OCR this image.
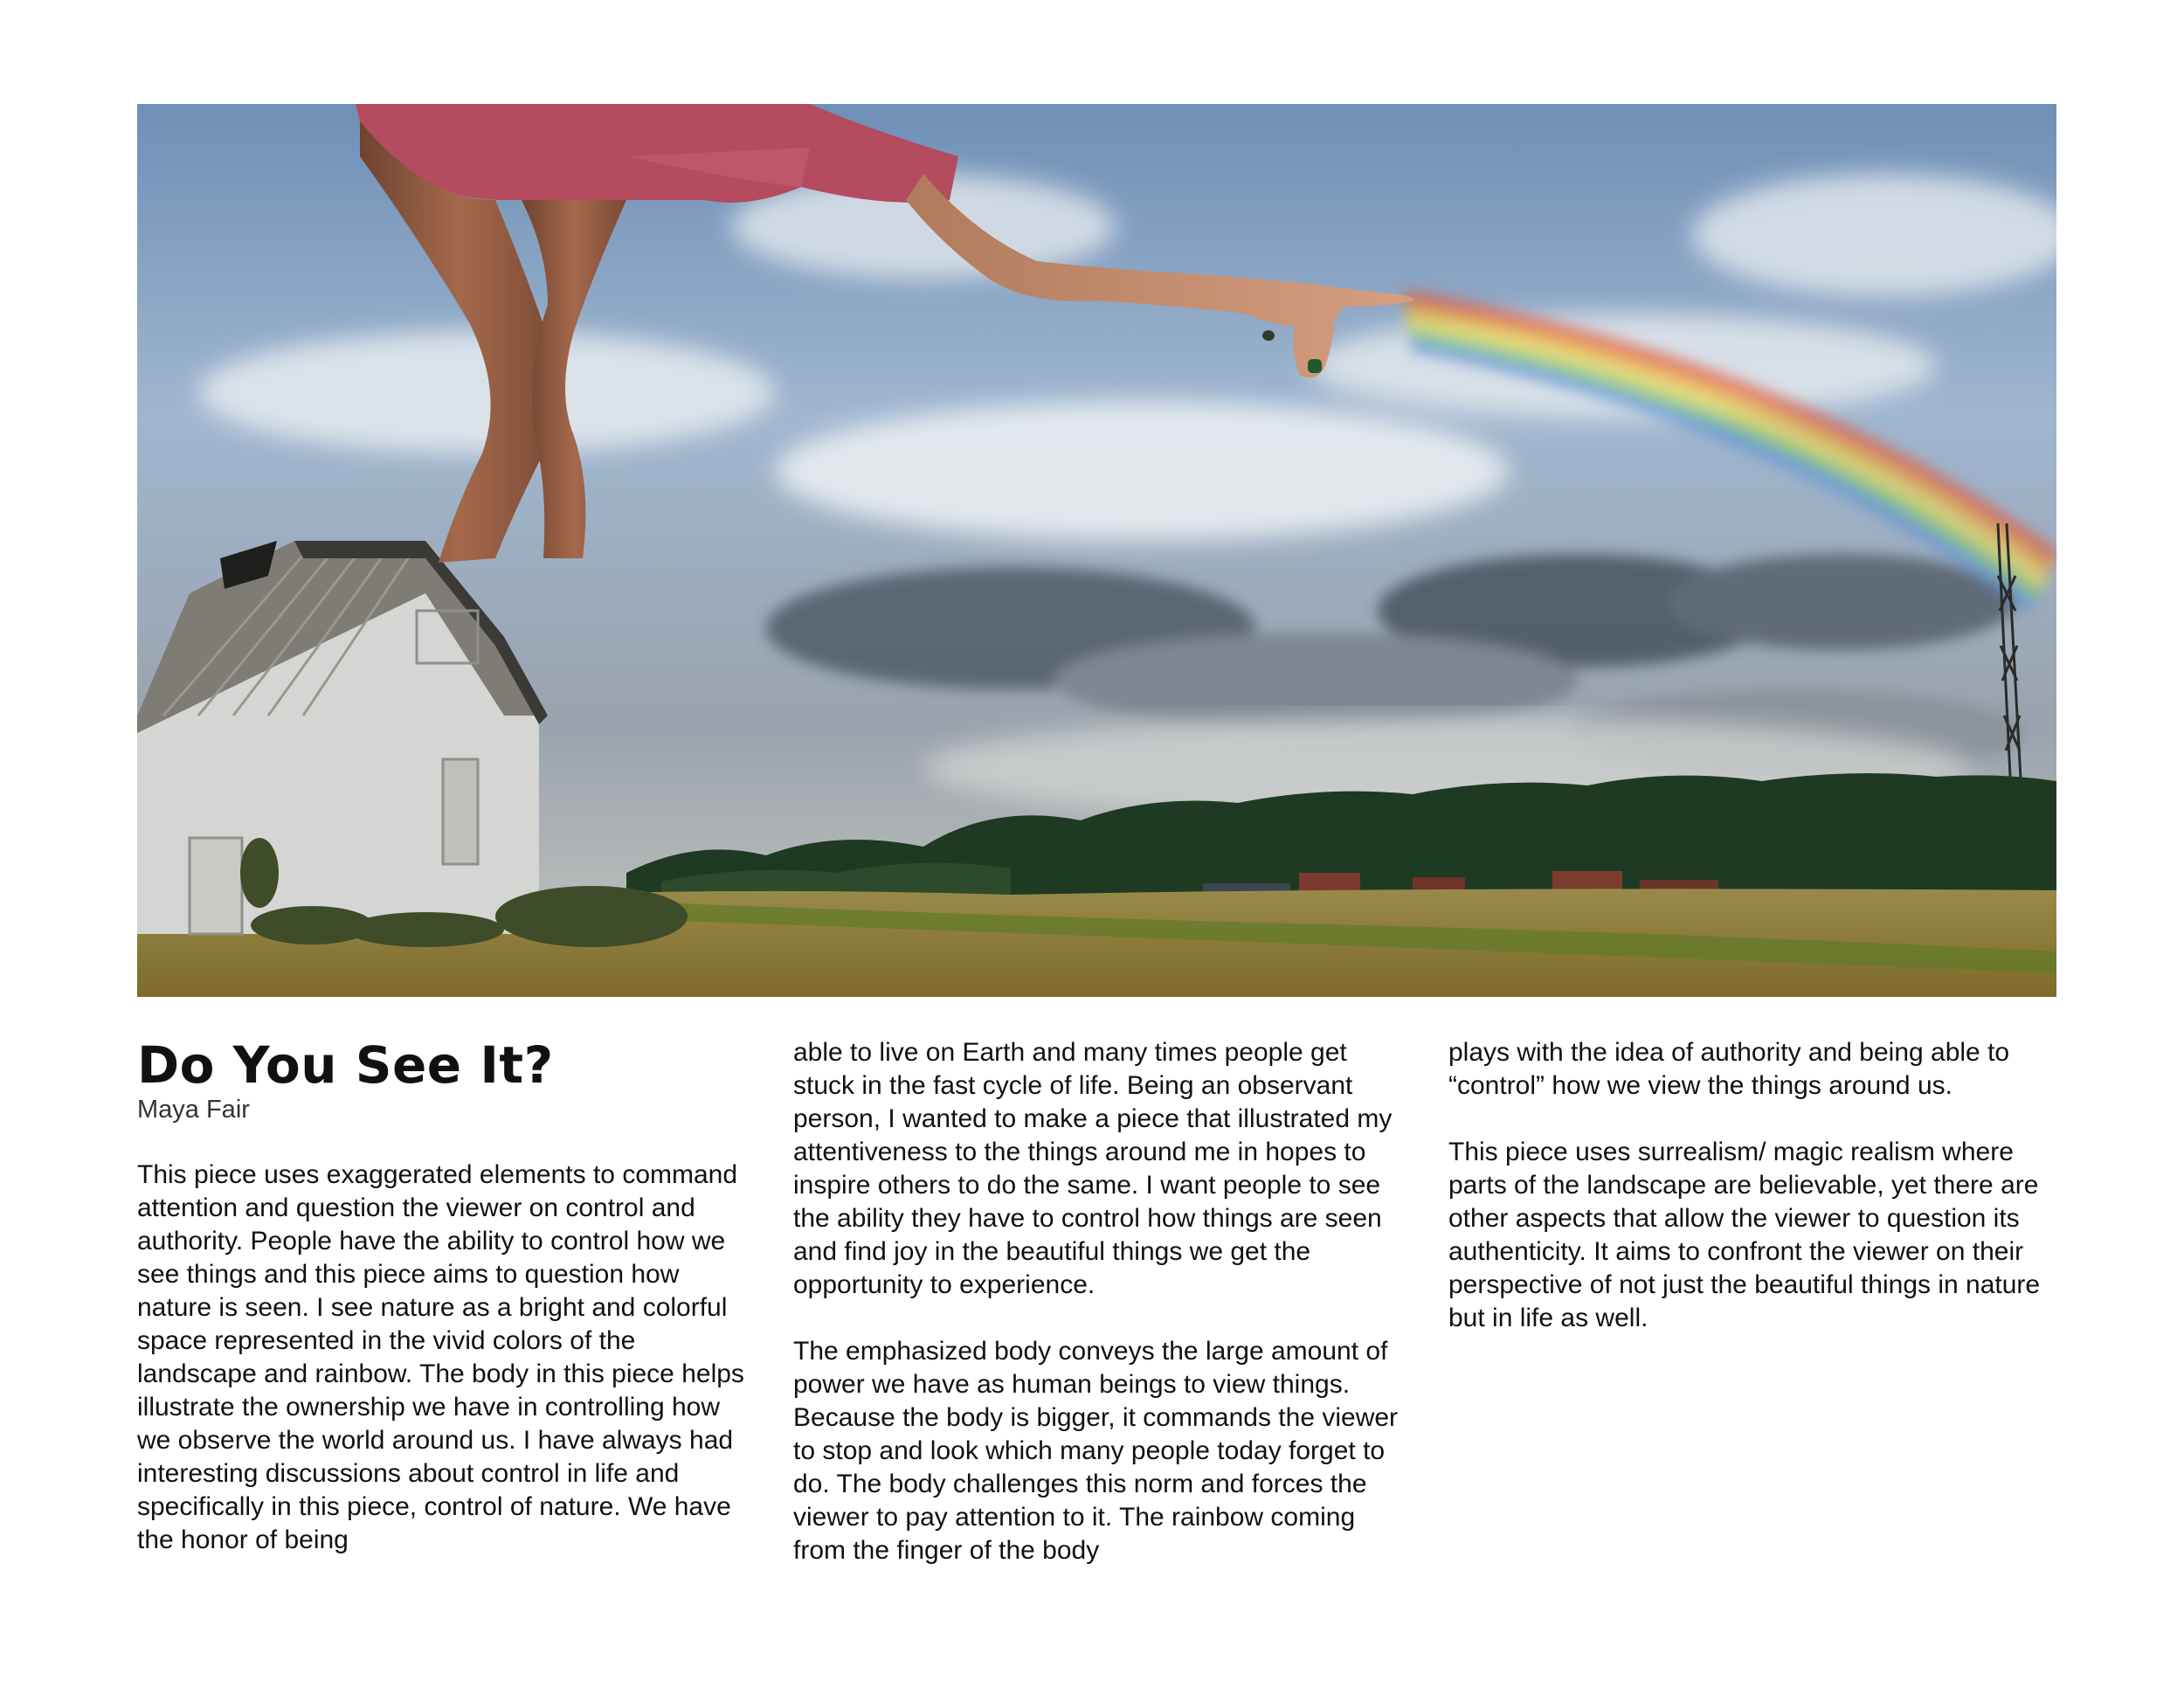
Do You See It?
Maya Fair

This piece uses exaggerated elements to command attention and question the viewer on control and authority. People have the ability to control how we see things and this piece aims to question how nature is seen. I see nature as a bright and colorful space represented in the vivid colors of the landscape and rainbow. The body in this piece helps illustrate the ownership we have in controlling how we observe the world around us. I have always had interesting discussions about control in life and specifically in this piece, control of nature. We have the honor of being

able to live on Earth and many times people get stuck in the fast cycle of life. Being an observant person, I wanted to make a piece that illustrated my attentiveness to the things around me in hopes to inspire others to do the same. I want people to see the ability they have to control how things are seen and find joy in the beautiful things we get the opportunity to experience.

The emphasized body conveys the large amount of power we have as human beings to view things. Because the body is bigger, it commands the viewer to stop and look which many people today forget to do. The body challenges this norm and forces the viewer to pay attention to it. The rainbow coming from the finger of the body

plays with the idea of authority and being able to “control” how we view the things around us.

This piece uses surrealism/ magic realism where parts of the landscape are believable, yet there are other aspects that allow the viewer to question its authenticity. It aims to confront the viewer on their perspective of not just the beautiful things in nature but in life as well.
